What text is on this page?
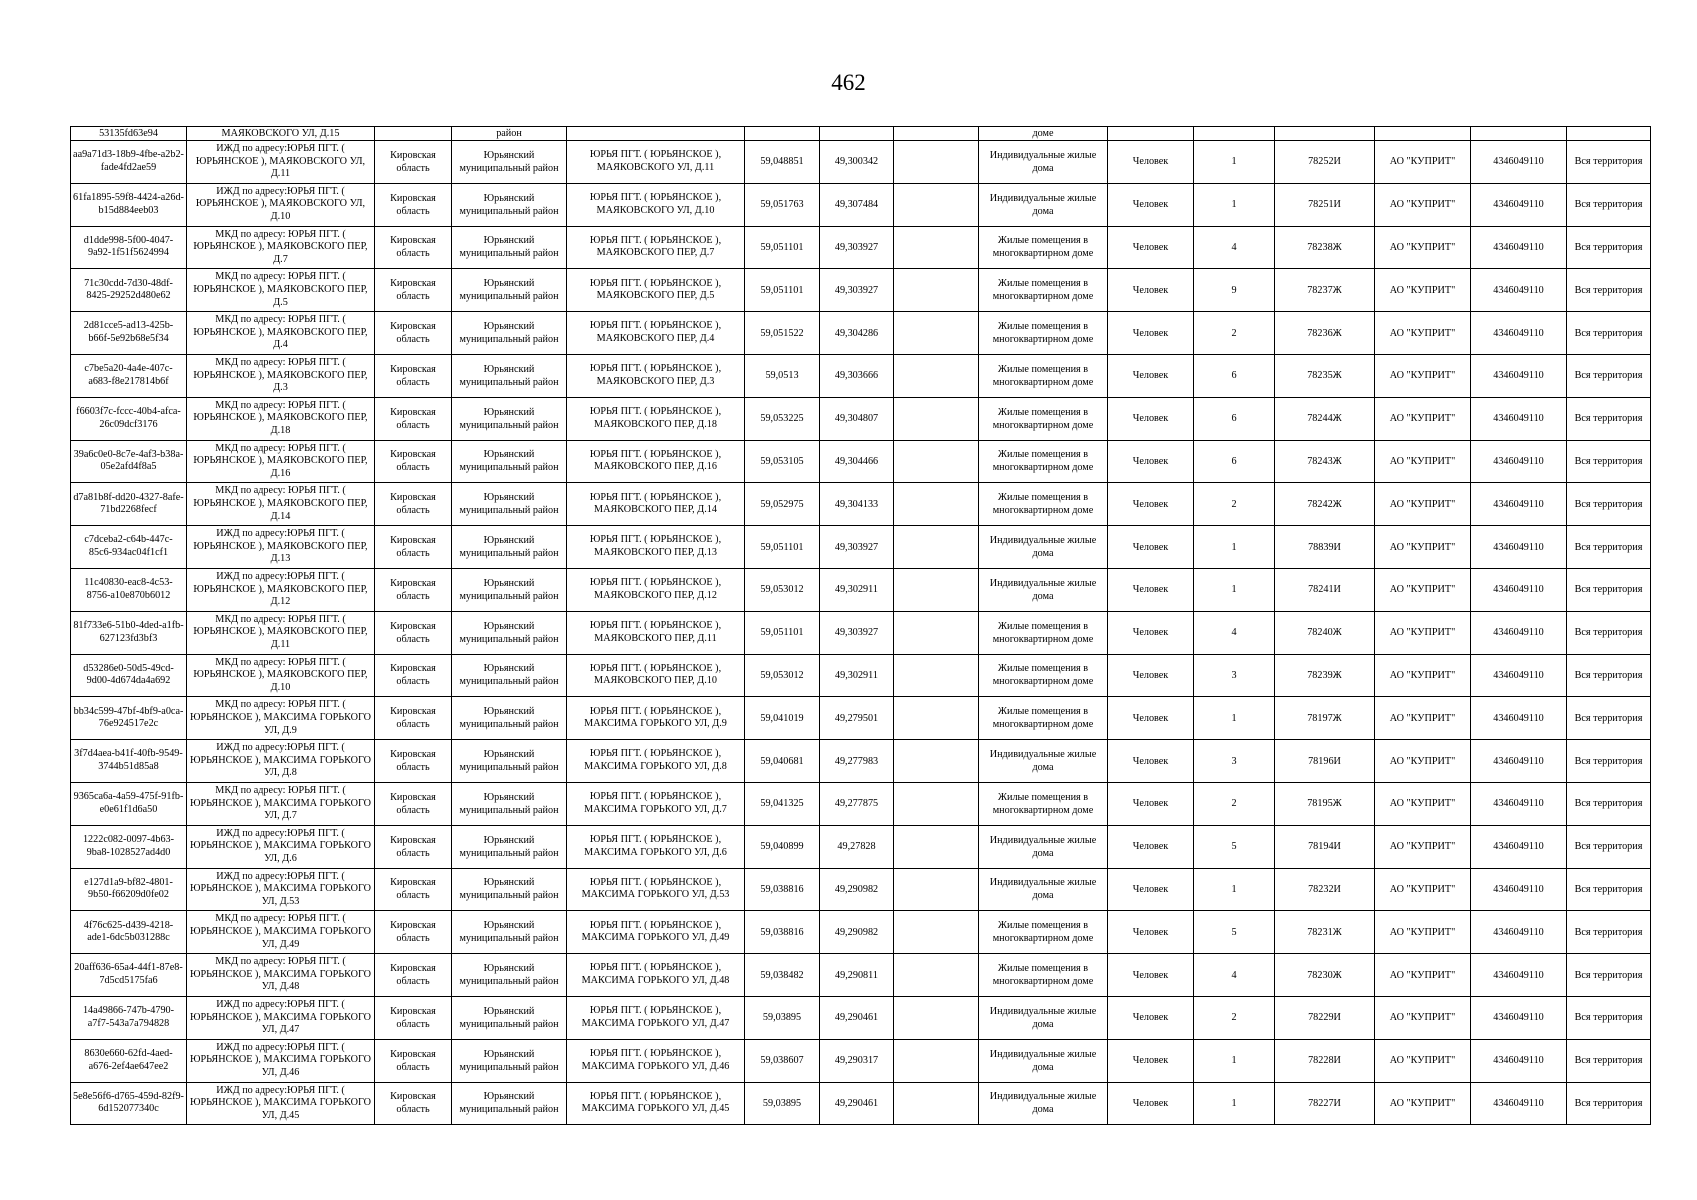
462
53135fd63e94	МАЯКОВСКОГО УЛ, Д.15		район					доме						
aa9a71d3-18b9-4fbe-a2b2-fade4fd2ae59	ИЖД по адресу:ЮРЬЯ ПГТ. ( ЮРЬЯНСКОЕ ), МАЯКОВСКОГО УЛ, Д.11	Кировская область	Юрьянский муниципальный район	ЮРЬЯ ПГТ. ( ЮРЬЯНСКОЕ ), МАЯКОВСКОГО УЛ, Д.11	59,048851	49,300342		Индивидуальные жилые дома	Человек	1	78252И	АО "КУПРИТ"	4346049110	Вся территория
61fa1895-59f8-4424-a26d-b15d884eeb03	ИЖД по адресу:ЮРЬЯ ПГТ. ( ЮРЬЯНСКОЕ ), МАЯКОВСКОГО УЛ, Д.10	Кировская область	Юрьянский муниципальный район	ЮРЬЯ ПГТ. ( ЮРЬЯНСКОЕ ), МАЯКОВСКОГО УЛ, Д.10	59,051763	49,307484		Индивидуальные жилые дома	Человек	1	78251И	АО "КУПРИТ"	4346049110	Вся территория
d1dde998-5f00-4047-9a92-1f51f5624994	МКД по адресу: ЮРЬЯ ПГТ. ( ЮРЬЯНСКОЕ ), МАЯКОВСКОГО ПЕР, Д.7	Кировская область	Юрьянский муниципальный район	ЮРЬЯ ПГТ. ( ЮРЬЯНСКОЕ ), МАЯКОВСКОГО ПЕР, Д.7	59,051101	49,303927		Жилые помещения в многоквартирном доме	Человек	4	78238Ж	АО "КУПРИТ"	4346049110	Вся территория
71c30cdd-7d30-48df-8425-29252d480e62	МКД по адресу: ЮРЬЯ ПГТ. ( ЮРЬЯНСКОЕ ), МАЯКОВСКОГО ПЕР, Д.5	Кировская область	Юрьянский муниципальный район	ЮРЬЯ ПГТ. ( ЮРЬЯНСКОЕ ), МАЯКОВСКОГО ПЕР, Д.5	59,051101	49,303927		Жилые помещения в многоквартирном доме	Человек	9	78237Ж	АО "КУПРИТ"	4346049110	Вся территория
2d81cce5-ad13-425b-b66f-5e92b68e5f34	МКД по адресу: ЮРЬЯ ПГТ. ( ЮРЬЯНСКОЕ ), МАЯКОВСКОГО ПЕР, Д.4	Кировская область	Юрьянский муниципальный район	ЮРЬЯ ПГТ. ( ЮРЬЯНСКОЕ ), МАЯКОВСКОГО ПЕР, Д.4	59,051522	49,304286		Жилые помещения в многоквартирном доме	Человек	2	78236Ж	АО "КУПРИТ"	4346049110	Вся территория
c7be5a20-4a4e-407c-a683-f8e217814b6f	МКД по адресу: ЮРЬЯ ПГТ. ( ЮРЬЯНСКОЕ ), МАЯКОВСКОГО ПЕР, Д.3	Кировская область	Юрьянский муниципальный район	ЮРЬЯ ПГТ. ( ЮРЬЯНСКОЕ ), МАЯКОВСКОГО ПЕР, Д.3	59,0513	49,303666		Жилые помещения в многоквартирном доме	Человек	6	78235Ж	АО "КУПРИТ"	4346049110	Вся территория
f6603f7c-fccc-40b4-afca-26c09dcf3176	МКД по адресу: ЮРЬЯ ПГТ. ( ЮРЬЯНСКОЕ ), МАЯКОВСКОГО ПЕР, Д.18	Кировская область	Юрьянский муниципальный район	ЮРЬЯ ПГТ. ( ЮРЬЯНСКОЕ ), МАЯКОВСКОГО ПЕР, Д.18	59,053225	49,304807		Жилые помещения в многоквартирном доме	Человек	6	78244Ж	АО "КУПРИТ"	4346049110	Вся территория
39a6c0e0-8c7e-4af3-b38a-05e2afd4f8a5	МКД по адресу: ЮРЬЯ ПГТ. ( ЮРЬЯНСКОЕ ), МАЯКОВСКОГО ПЕР, Д.16	Кировская область	Юрьянский муниципальный район	ЮРЬЯ ПГТ. ( ЮРЬЯНСКОЕ ), МАЯКОВСКОГО ПЕР, Д.16	59,053105	49,304466		Жилые помещения в многоквартирном доме	Человек	6	78243Ж	АО "КУПРИТ"	4346049110	Вся территория
d7a81b8f-dd20-4327-8afe-71bd2268fecf	МКД по адресу: ЮРЬЯ ПГТ. ( ЮРЬЯНСКОЕ ), МАЯКОВСКОГО ПЕР, Д.14	Кировская область	Юрьянский муниципальный район	ЮРЬЯ ПГТ. ( ЮРЬЯНСКОЕ ), МАЯКОВСКОГО ПЕР, Д.14	59,052975	49,304133		Жилые помещения в многоквартирном доме	Человек	2	78242Ж	АО "КУПРИТ"	4346049110	Вся территория
c7dceba2-c64b-447c-85c6-934ac04f1cf1	ИЖД по адресу:ЮРЬЯ ПГТ. ( ЮРЬЯНСКОЕ ), МАЯКОВСКОГО ПЕР, Д.13	Кировская область	Юрьянский муниципальный район	ЮРЬЯ ПГТ. ( ЮРЬЯНСКОЕ ), МАЯКОВСКОГО ПЕР, Д.13	59,051101	49,303927		Индивидуальные жилые дома	Человек	1	78839И	АО "КУПРИТ"	4346049110	Вся территория
11c40830-eac8-4c53-8756-a10e870b6012	ИЖД по адресу:ЮРЬЯ ПГТ. ( ЮРЬЯНСКОЕ ), МАЯКОВСКОГО ПЕР, Д.12	Кировская область	Юрьянский муниципальный район	ЮРЬЯ ПГТ. ( ЮРЬЯНСКОЕ ), МАЯКОВСКОГО ПЕР, Д.12	59,053012	49,302911		Индивидуальные жилые дома	Человек	1	78241И	АО "КУПРИТ"	4346049110	Вся территория
81f733e6-51b0-4ded-a1fb-627123fd3bf3	МКД по адресу: ЮРЬЯ ПГТ. ( ЮРЬЯНСКОЕ ), МАЯКОВСКОГО ПЕР, Д.11	Кировская область	Юрьянский муниципальный район	ЮРЬЯ ПГТ. ( ЮРЬЯНСКОЕ ), МАЯКОВСКОГО ПЕР, Д.11	59,051101	49,303927		Жилые помещения в многоквартирном доме	Человек	4	78240Ж	АО "КУПРИТ"	4346049110	Вся территория
d53286e0-50d5-49cd-9d00-4d674da4a692	МКД по адресу: ЮРЬЯ ПГТ. ( ЮРЬЯНСКОЕ ), МАЯКОВСКОГО ПЕР, Д.10	Кировская область	Юрьянский муниципальный район	ЮРЬЯ ПГТ. ( ЮРЬЯНСКОЕ ), МАЯКОВСКОГО ПЕР, Д.10	59,053012	49,302911		Жилые помещения в многоквартирном доме	Человек	3	78239Ж	АО "КУПРИТ"	4346049110	Вся территория
bb34c599-47bf-4bf9-a0ca-76e924517e2c	МКД по адресу: ЮРЬЯ ПГТ. ( ЮРЬЯНСКОЕ ), МАКСИМА ГОРЬКОГО УЛ, Д.9	Кировская область	Юрьянский муниципальный район	ЮРЬЯ ПГТ. ( ЮРЬЯНСКОЕ ), МАКСИМА ГОРЬКОГО УЛ, Д.9	59,041019	49,279501		Жилые помещения в многоквартирном доме	Человек	1	78197Ж	АО "КУПРИТ"	4346049110	Вся территория
3f7d4aea-b41f-40fb-9549-3744b51d85a8	ИЖД по адресу:ЮРЬЯ ПГТ. ( ЮРЬЯНСКОЕ ), МАКСИМА ГОРЬКОГО УЛ, Д.8	Кировская область	Юрьянский муниципальный район	ЮРЬЯ ПГТ. ( ЮРЬЯНСКОЕ ), МАКСИМА ГОРЬКОГО УЛ, Д.8	59,040681	49,277983		Индивидуальные жилые дома	Человек	3	78196И	АО "КУПРИТ"	4346049110	Вся территория
9365ca6a-4a59-475f-91fb-e0e61f1d6a50	МКД по адресу: ЮРЬЯ ПГТ. ( ЮРЬЯНСКОЕ ), МАКСИМА ГОРЬКОГО УЛ, Д.7	Кировская область	Юрьянский муниципальный район	ЮРЬЯ ПГТ. ( ЮРЬЯНСКОЕ ), МАКСИМА ГОРЬКОГО УЛ, Д.7	59,041325	49,277875		Жилые помещения в многоквартирном доме	Человек	2	78195Ж	АО "КУПРИТ"	4346049110	Вся территория
1222c082-0097-4b63-9ba8-1028527ad4d0	ИЖД по адресу:ЮРЬЯ ПГТ. ( ЮРЬЯНСКОЕ ), МАКСИМА ГОРЬКОГО УЛ, Д.6	Кировская область	Юрьянский муниципальный район	ЮРЬЯ ПГТ. ( ЮРЬЯНСКОЕ ), МАКСИМА ГОРЬКОГО УЛ, Д.6	59,040899	49,27828		Индивидуальные жилые дома	Человек	5	78194И	АО "КУПРИТ"	4346049110	Вся территория
e127d1a9-bf82-4801-9b50-f66209d0fe02	ИЖД по адресу:ЮРЬЯ ПГТ. ( ЮРЬЯНСКОЕ ), МАКСИМА ГОРЬКОГО УЛ, Д.53	Кировская область	Юрьянский муниципальный район	ЮРЬЯ ПГТ. ( ЮРЬЯНСКОЕ ), МАКСИМА ГОРЬКОГО УЛ, Д.53	59,038816	49,290982		Индивидуальные жилые дома	Человек	1	78232И	АО "КУПРИТ"	4346049110	Вся территория
4f76c625-d439-4218-ade1-6dc5b031288c	МКД по адресу: ЮРЬЯ ПГТ. ( ЮРЬЯНСКОЕ ), МАКСИМА ГОРЬКОГО УЛ, Д.49	Кировская область	Юрьянский муниципальный район	ЮРЬЯ ПГТ. ( ЮРЬЯНСКОЕ ), МАКСИМА ГОРЬКОГО УЛ, Д.49	59,038816	49,290982		Жилые помещения в многоквартирном доме	Человек	5	78231Ж	АО "КУПРИТ"	4346049110	Вся территория
20aff636-65a4-44f1-87e8-7d5cd5175fa6	МКД по адресу: ЮРЬЯ ПГТ. ( ЮРЬЯНСКОЕ ), МАКСИМА ГОРЬКОГО УЛ, Д.48	Кировская область	Юрьянский муниципальный район	ЮРЬЯ ПГТ. ( ЮРЬЯНСКОЕ ), МАКСИМА ГОРЬКОГО УЛ, Д.48	59,038482	49,290811		Жилые помещения в многоквартирном доме	Человек	4	78230Ж	АО "КУПРИТ"	4346049110	Вся территория
14a49866-747b-4790-a7f7-543a7a794828	ИЖД по адресу:ЮРЬЯ ПГТ. ( ЮРЬЯНСКОЕ ), МАКСИМА ГОРЬКОГО УЛ, Д.47	Кировская область	Юрьянский муниципальный район	ЮРЬЯ ПГТ. ( ЮРЬЯНСКОЕ ), МАКСИМА ГОРЬКОГО УЛ, Д.47	59,03895	49,290461		Индивидуальные жилые дома	Человек	2	78229И	АО "КУПРИТ"	4346049110	Вся территория
8630e660-62fd-4aed-a676-2ef4ae647ee2	ИЖД по адресу:ЮРЬЯ ПГТ. ( ЮРЬЯНСКОЕ ), МАКСИМА ГОРЬКОГО УЛ, Д.46	Кировская область	Юрьянский муниципальный район	ЮРЬЯ ПГТ. ( ЮРЬЯНСКОЕ ), МАКСИМА ГОРЬКОГО УЛ, Д.46	59,038607	49,290317		Индивидуальные жилые дома	Человек	1	78228И	АО "КУПРИТ"	4346049110	Вся территория
5e8e56f6-d765-459d-82f9-6d152077340c	ИЖД по адресу:ЮРЬЯ ПГТ. ( ЮРЬЯНСКОЕ ), МАКСИМА ГОРЬКОГО УЛ, Д.45	Кировская область	Юрьянский муниципальный район	ЮРЬЯ ПГТ. ( ЮРЬЯНСКОЕ ), МАКСИМА ГОРЬКОГО УЛ, Д.45	59,03895	49,290461		Индивидуальные жилые дома	Человек	1	78227И	АО "КУПРИТ"	4346049110	Вся территория
